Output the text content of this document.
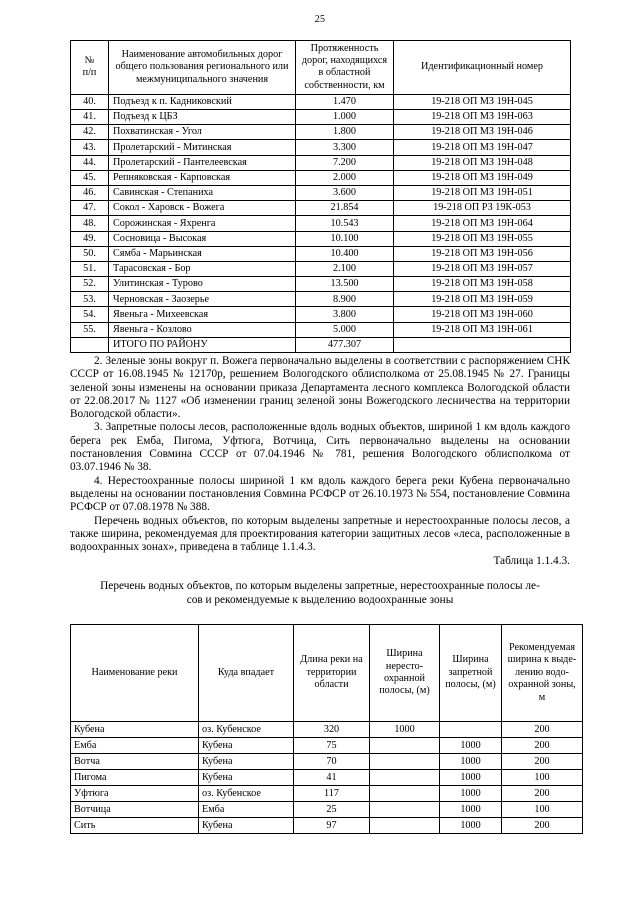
25
№
п/п	Наименование автомобильных дорог общего пользования регионального или межмуниципального значения	Протяженность дорог, находящихся в областной собственности, км	Идентификационный номер
40.	Подъезд к п. Кадниковский	1.470	19-218 ОП МЗ 19Н-045
41.	Подъезд к ЦБЗ	1.000	19-218 ОП МЗ 19Н-063
42.	Похватинская - Угол	1.800	19-218 ОП МЗ 19Н-046
43.	Пролетарский - Митинская	3.300	19-218 ОП МЗ 19Н-047
44.	Пролетарский - Пантелеевская	7.200	19-218 ОП МЗ 19Н-048
45.	Репняковская - Карповская	2.000	19-218 ОП МЗ 19Н-049
46.	Савинская - Степаниха	3.600	19-218 ОП МЗ 19Н-051
47.	Сокол - Харовск - Вожега	21.854	19-218 ОП РЗ 19К-053
48.	Сорожинская - Яхренга	10.543	19-218 ОП МЗ 19Н-064
49.	Сосновица - Высокая	10.100	19-218 ОП МЗ 19Н-055
50.	Сямба - Марьинская	10.400	19-218 ОП МЗ 19Н-056
51.	Тарасовская - Бор	2.100	19-218 ОП МЗ 19Н-057
52.	Улитинская - Турово	13.500	19-218 ОП МЗ 19Н-058
53.	Черновская - Заозерье	8.900	19-218 ОП МЗ 19Н-059
54.	Явеньга - Михеевская	3.800	19-218 ОП МЗ 19Н-060
55.	Явеньга - Козлово	5.000	19-218 ОП МЗ 19Н-061
	ИТОГО ПО РАЙОНУ	477.307	

2. Зеленые зоны вокруг п. Вожега первоначально выделены в соответствии с распоряжением СНК СССР от 16.08.1945 № 12170р, решением Вологодского облисполкома от 25.08.1945 № 27. Границы зеленой зоны изменены на основании приказа Департамента лесного комплекса Вологодской области от 22.08.2017 № 1127 «Об изменении границ зеленой зоны Вожегодского лесничества на территории Вологодской области».

3. Запретные полосы лесов, расположенные вдоль водных объектов, шириной 1 км вдоль каждого берега рек Емба, Пигома, Уфтюга, Вотчица, Сить первоначально выделены на основании постановления Совмина СССР от 07.04.1946 № 781, решения Вологодского облисполкома от 03.07.1946 № 38.

4. Нерестоохранные полосы шириной 1 км вдоль каждого берега реки Кубена первоначально выделены на основании постановления Совмина РСФСР от 26.10.1973 № 554, постановление Совмина РСФСР от 07.08.1978 № 388.

Перечень водных объектов, по которым выделены запретные и нерестоохранные полосы лесов, а также ширина, рекомендуемая для проектирования категории защитных лесов «леса, расположенные в водоохранных зонах», приведена в таблице 1.1.4.3.

Таблица 1.1.4.3.

Перечень водных объектов, по которым выделены запретные, нерестоохранные полосы ле-
сов и рекомендуемые к выделению водоохранные зоны
Наименование реки	Куда впадает	Длина реки на территории области	Ширина нерестоохранной полосы, (м)	Ширина запретной полосы, (м)	Рекомендуемая ширина к выделению водоохранной зоны, м
Кубена	оз. Кубенское	320	1000		200
Емба	Кубена	75		1000	200
Вотча	Кубена	70		1000	200
Пигома	Кубена	41		1000	100
Уфтюга	оз. Кубенское	117		1000	200
Вотчица	Емба	25		1000	100
Сить	Кубена	97		1000	200
